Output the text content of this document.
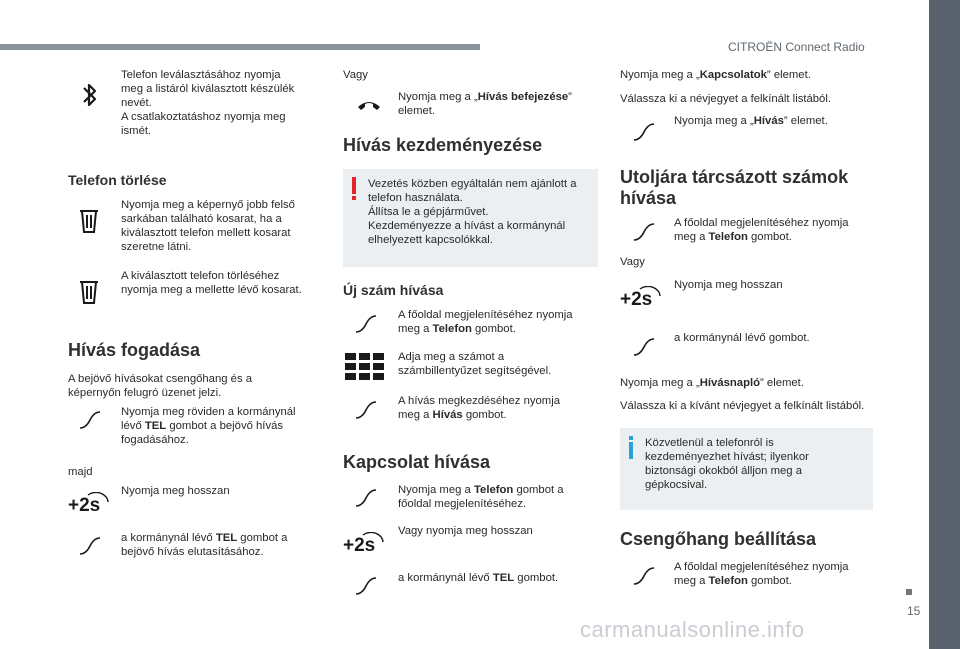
CITROËN Connect Radio
15
Telefon leválasztásához nyomja
meg a listáról kiválasztott készülék
nevét.
A csatlakoztatáshoz nyomja meg
ismét.
Telefon törlése
Nyomja meg a képernyő jobb felső
sarkában található kosarat, ha a
kiválasztott telefon mellett kosarat
szeretne látni.
A kiválasztott telefon törléséhez
nyomja meg a mellette lévő kosarat.
Hívás fogadása
A bejövő hívásokat csengőhang és a
képernyőn felugró üzenet jelzi.
Nyomja meg röviden a kormánynál
lévő TEL gombot a bejövő hívás
fogadásához.
majd
+2s
Nyomja meg hosszan
a kormánynál lévő TEL gombot a
bejövő hívás elutasításához.
Vagy
Nyomja meg a „Hívás befejezése”
elemet.
Hívás kezdeményezése
Vezetés közben egyáltalán nem ajánlott a
telefon használata.
Állítsa le a gépjárművet.
Kezdeményezze a hívást a kormánynál
elhelyezett kapcsolókkal.
Új szám hívása
A főoldal megjelenítéséhez nyomja
meg a Telefon gombot.
Adja meg a számot a
számbillentyűzet segítségével.
A hívás megkezdéséhez nyomja
meg a Hívás gombot.
Kapcsolat hívása
Nyomja meg a Telefon gombot a
főoldal megjelenítéséhez.
+2s
Vagy nyomja meg hosszan
a kormánynál lévő TEL gombot.
Nyomja meg a „Kapcsolatok” elemet.
Válassza ki a névjegyet a felkínált listából.
Nyomja meg a „Hívás” elemet.
Utoljára tárcsázott számok
hívása
A főoldal megjelenítéséhez nyomja
meg a Telefon gombot.
Vagy
+2s
Nyomja meg hosszan
a kormánynál lévő gombot.
Nyomja meg a „Hívásnapló” elemet.
Válassza ki a kívánt névjegyet a felkínált listából.
Közvetlenül a telefonról is
kezdeményezhet hívást; ilyenkor
biztonsági okokból álljon meg a
gépkocsival.
Csengőhang beállítása
A főoldal megjelenítéséhez nyomja
meg a Telefon gombot.
carmanualsonline.info
